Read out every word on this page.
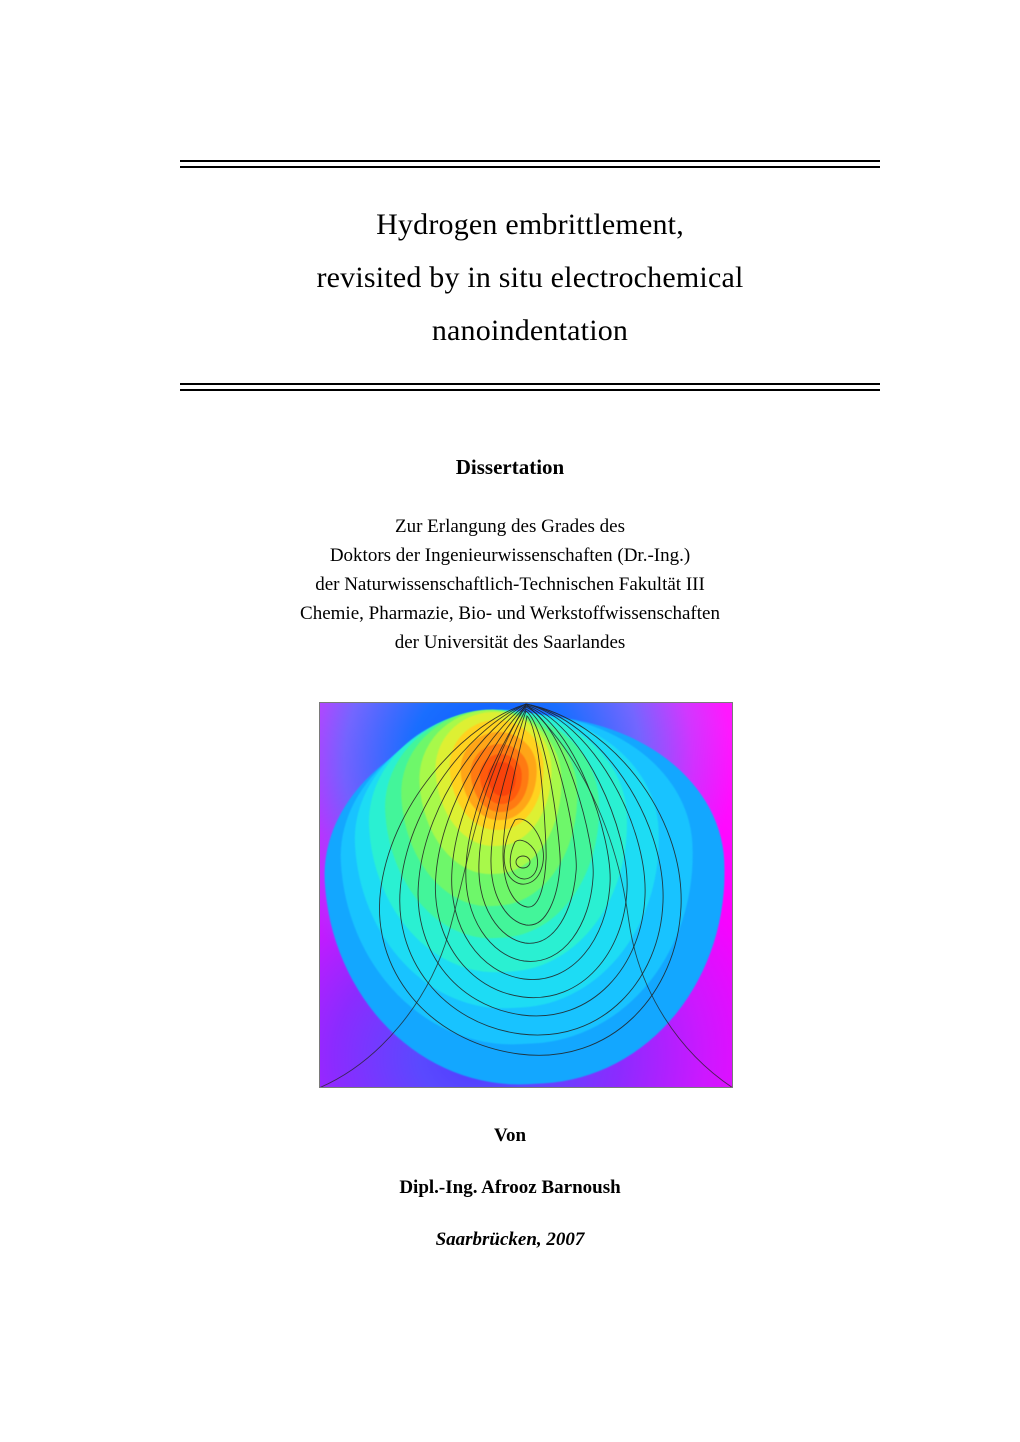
Hydrogen embrittlement,
revisited by in situ electrochemical
nanoindentation
Dissertation
Zur Erlangung des Grades des
Doktors der Ingenieurwissenschaften (Dr.-Ing.)
der Naturwissenschaftlich-Technischen Fakultät III
Chemie, Pharmazie, Bio- und Werkstoffwissenschaften
der Universität des Saarlandes
Von
Dipl.-Ing. Afrooz Barnoush
Saarbrücken, 2007
